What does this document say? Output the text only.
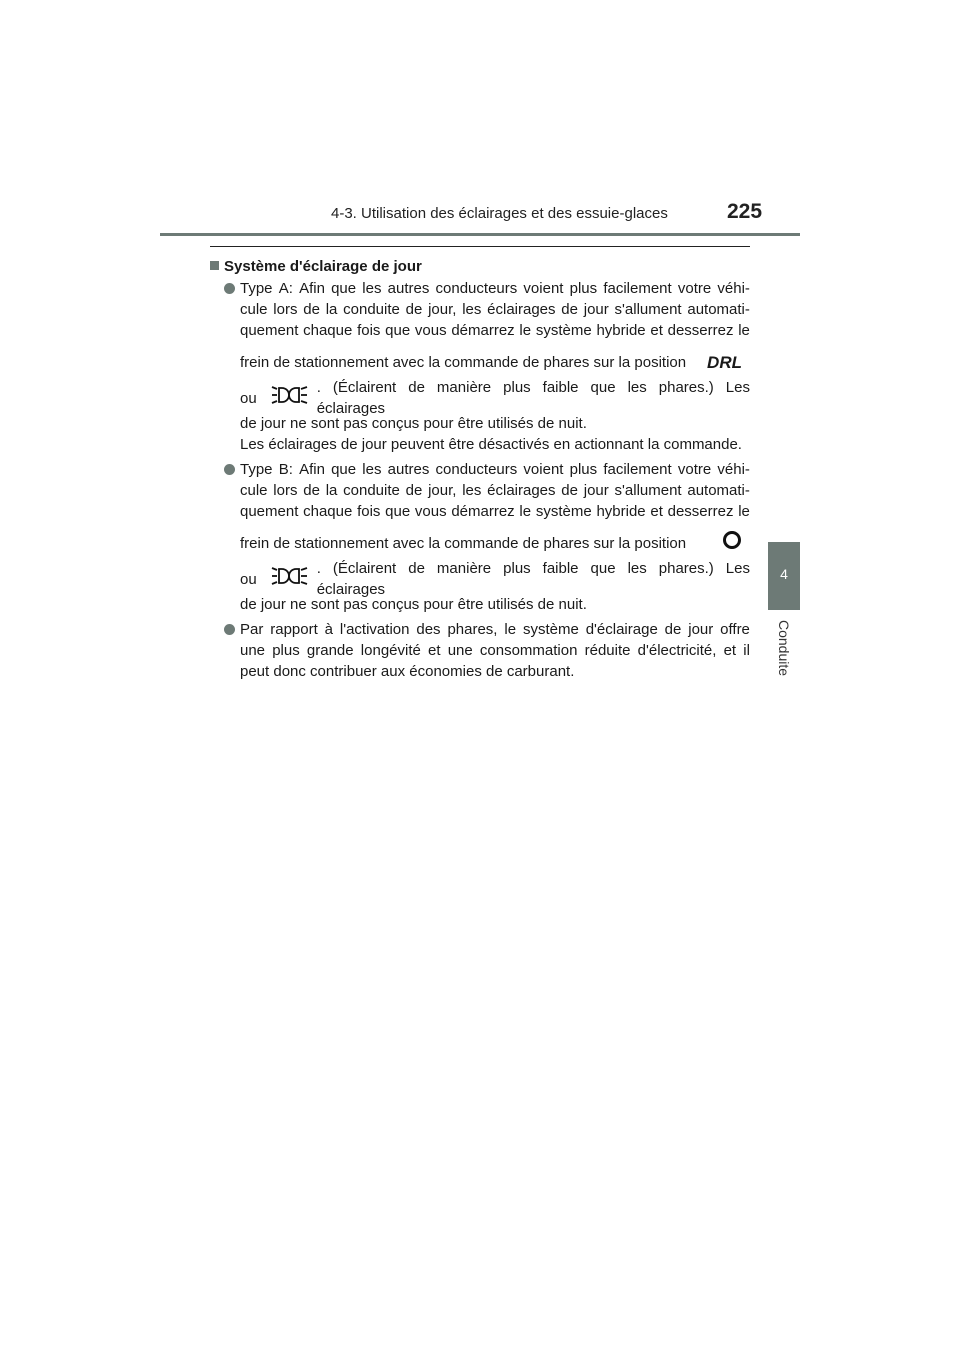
4-3. Utilisation des éclairages et des essuie-glaces	225
4
Conduite
Système d'éclairage de jour
Type A: Afin que les autres conducteurs voient plus facilement votre véhi-
cule lors de la conduite de jour, les éclairages de jour s'allument automati-
quement chaque fois que vous démarrez le système hybride et desserrez le
frein de stationnement avec la commande de phares sur la position DRL
ou
. (Éclairent de manière plus faible que les phares.) Les éclairages
de jour ne sont pas conçus pour être utilisés de nuit.
Les éclairages de jour peuvent être désactivés en actionnant la commande.
Type B: Afin que les autres conducteurs voient plus facilement votre véhi-
cule lors de la conduite de jour, les éclairages de jour s'allument automati-
quement chaque fois que vous démarrez le système hybride et desserrez le
frein de stationnement avec la commande de phares sur la position
ou
. (Éclairent de manière plus faible que les phares.) Les éclairages
de jour ne sont pas conçus pour être utilisés de nuit.
Par rapport à l'activation des phares, le système d'éclairage de jour offre
une plus grande longévité et une consommation réduite d'électricité, et il
peut donc contribuer aux économies de carburant.
